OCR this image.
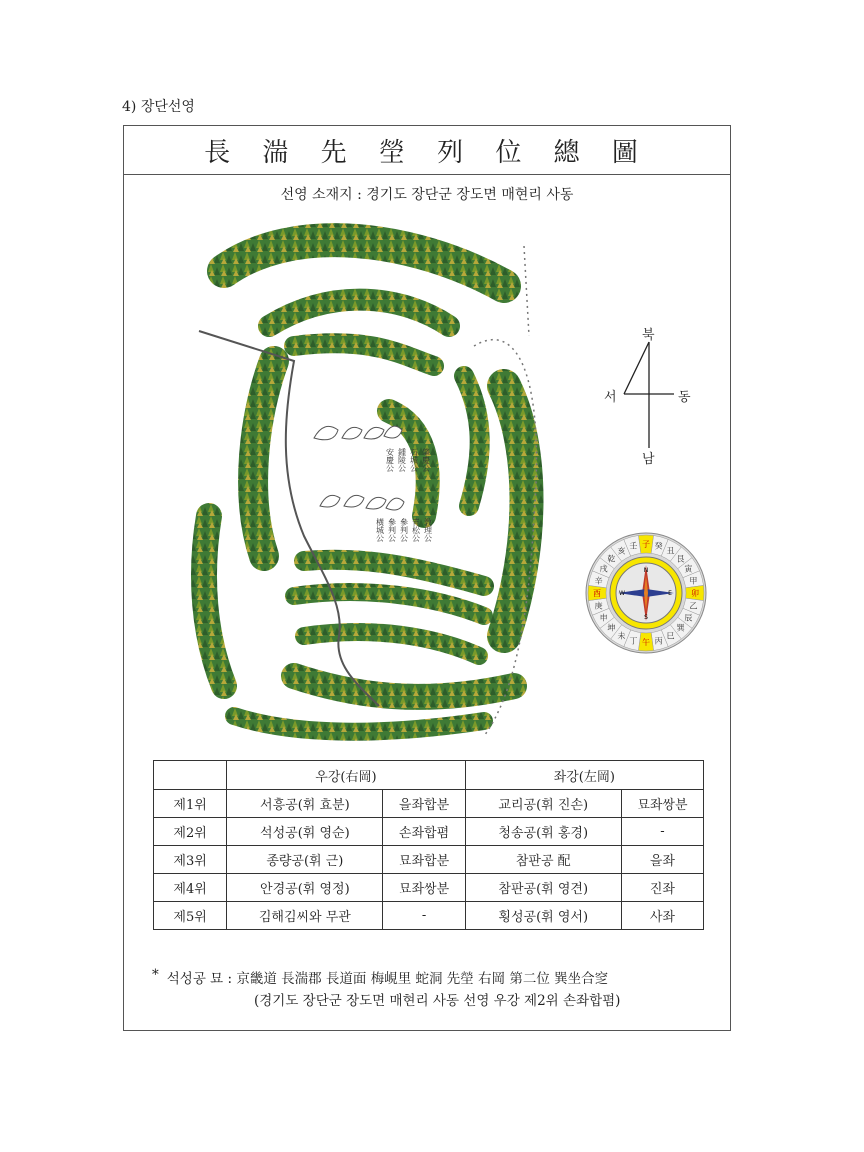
4) 장단선영
長 湍 先 塋 列 位 總 圖
선영 소재지 : 경기도 장단군 장도면 매현리 사동
肇慶公
石城公
鍾陵公
安慶公
敎理公
靑松公
參判公
參判公
橫城公
북
남
서	동
子 癸
丑
艮
寅
甲
卯
乙
辰
巽
巳
丙
午
丁
未
坤
申
庚
酉
辛
戌
乾
亥
壬
N
E
S
W
	우강(右岡)		좌강(左岡)	
제1위	서흥공(휘 효분)	을좌합분	교리공(휘 진손)	묘좌쌍분
제2위	석성공(휘 영순)	손좌합폄	청송공(휘 홍경)	-
제3위	종량공(휘 근)	묘좌합분	참판공 配	을좌
제4위	안경공(휘 영정)	묘좌쌍분	참판공(휘 영견)	진좌
제5위	김해김씨와 무관	-	횡성공(휘 영서)	사좌
* 석성공 묘 : 京畿道 長湍郡 長道面 梅峴里 蛇洞 先塋 右岡 第二位 巽坐合窆
(경기도 장단군 장도면 매현리 사동 선영 우강 제2위 손좌합폄)
